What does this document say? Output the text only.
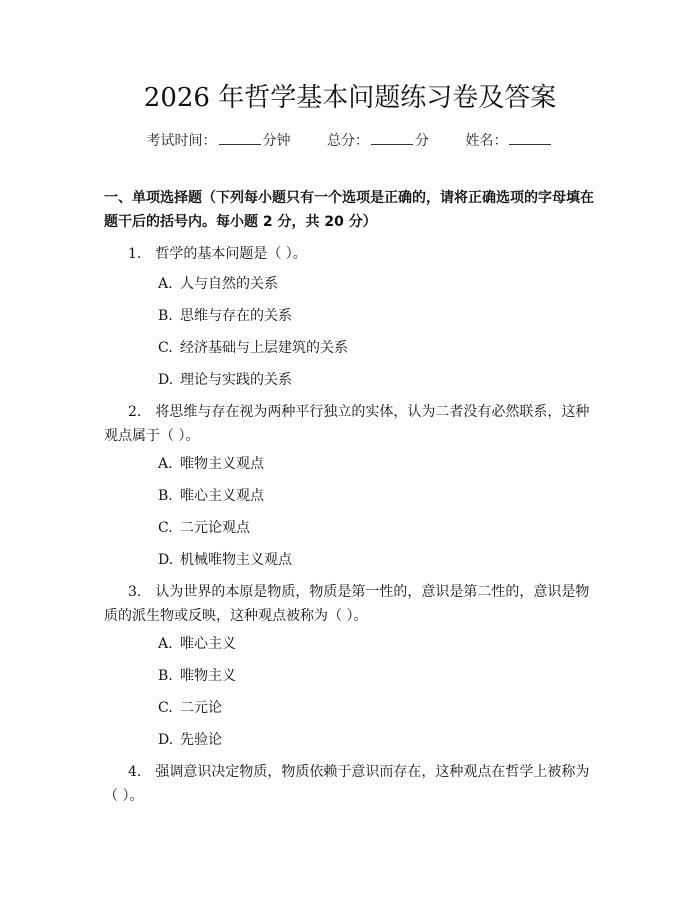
2026 年哲学基本问题练习卷及答案
考试时间：	分钟	总分：	分	姓名：
一、单项选择题（下列每小题只有一个选项是正确的，请将正确选项的字母填在题干后的括号内。每小题 2 分，共 20 分）
1.　哲学的基本问题是（ ）。
A. 人与自然的关系
B. 思维与存在的关系
C. 经济基础与上层建筑的关系
D. 理论与实践的关系
2.　将思维与存在视为两种平行独立的实体，认为二者没有必然联系，这种观点属于（ ）。
A. 唯物主义观点
B. 唯心主义观点
C. 二元论观点
D. 机械唯物主义观点
3.　认为世界的本原是物质，物质是第一性的，意识是第二性的，意识是物质的派生物或反映，这种观点被称为（ ）。
A. 唯心主义
B. 唯物主义
C. 二元论
D. 先验论
4.　强调意识决定物质，物质依赖于意识而存在，这种观点在哲学上被称为（ ）。
